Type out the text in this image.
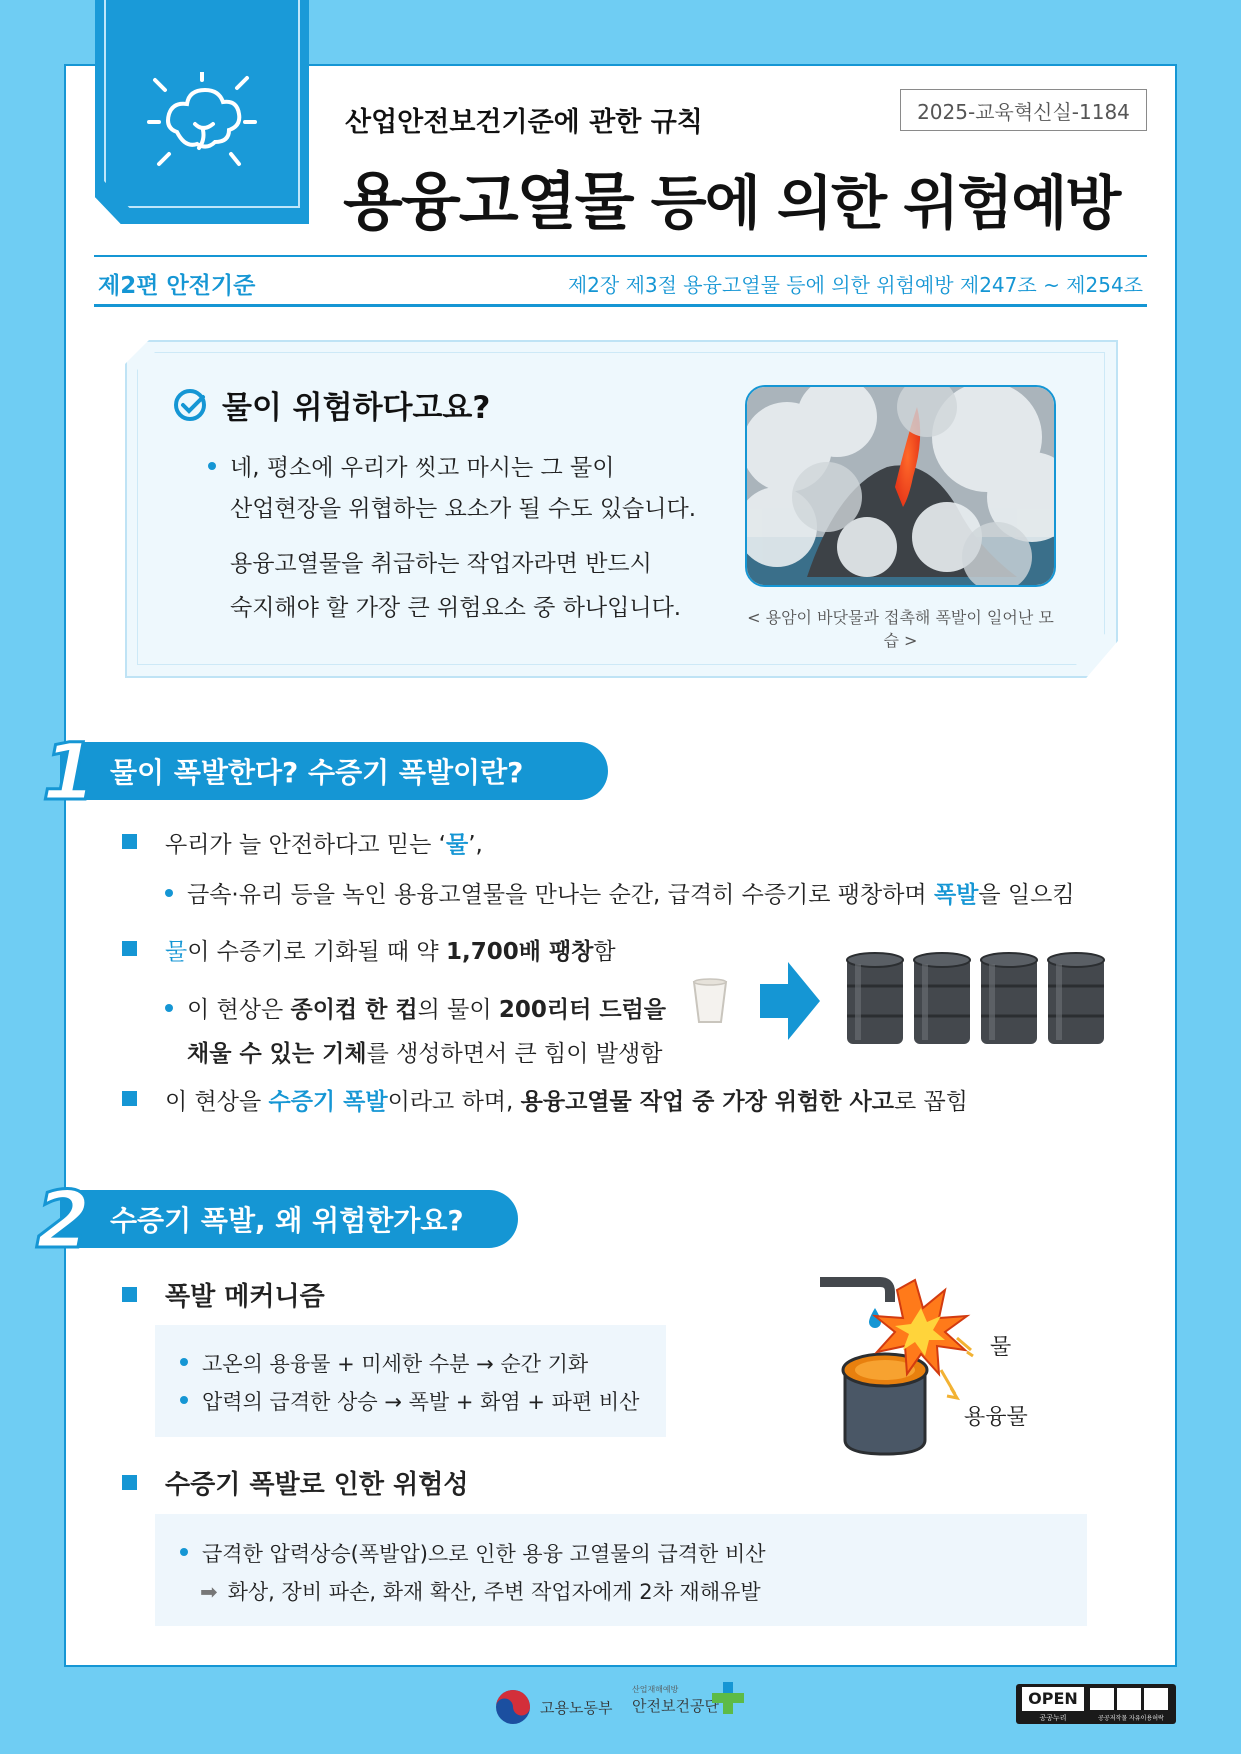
산업안전보건기준에 관한 규칙
용융고열물 등에 의한 위험예방
2025-교육혁신실-1184
제2편 안전기준	제2장 제3절 용융고열물 등에 의한 위험예방 제247조 ~ 제254조
물이 위험하다고요?
네, 평소에 우리가 씻고 마시는 그 물이
산업현장을 위협하는 요소가 될 수도 있습니다.
용융고열물을 취급하는 작업자라면 반드시
숙지해야 할 가장 큰 위험요소 중 하나입니다.	< 용암이 바닷물과 접촉해 폭발이 일어난 모습 >
물이 폭발한다? 수증기 폭발이란?
1
우리가 늘 안전하다고 믿는 ‘물’,
금속·유리 등을 녹인 용융고열물을 만나는 순간, 급격히 수증기로 팽창하며 폭발을 일으킴
물이 수증기로 기화될 때 약 1,700배 팽창함
이 현상은 종이컵 한 컵의 물이 200리터 드럼을
채울 수 있는 기체를 생성하면서 큰 힘이 발생함
이 현상을 수증기 폭발이라고 하며, 용융고열물 작업 중 가장 위험한 사고로 꼽힘
수증기 폭발, 왜 위험한가요?
2
폭발 메커니즘
고온의 용융물 + 미세한 수분 → 순간 기화
압력의 급격한 상승 → 폭발 + 화염 + 파편 비산
물
용융물
수증기 폭발로 인한 위험성
급격한 압력상승(폭발압)으로 인한 용융 고열물의 급격한 비산
➡ 화상, 장비 파손, 화재 확산, 주변 작업자에게 2차 재해유발
고용노동부
산업재해예방
안전보건공단	OPEN
공공누리	공공저작물 자유이용허락
